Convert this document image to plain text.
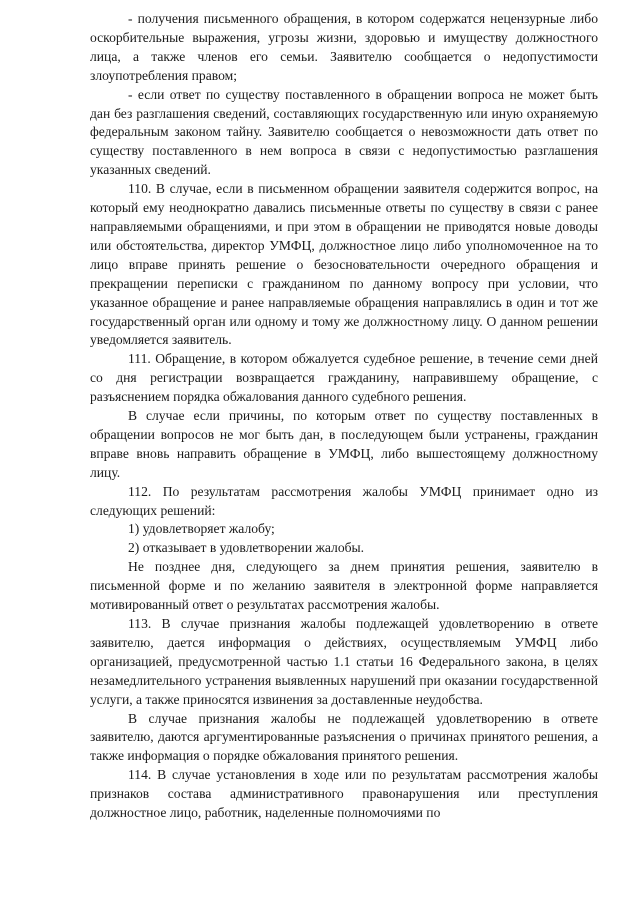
- получения письменного обращения, в котором содержатся нецензурные либо оскорбительные выражения, угрозы жизни, здоровью и имуществу должностного лица, а также членов его семьи. Заявителю сообщается о недопустимости злоупотребления правом;

- если ответ по существу поставленного в обращении вопроса не может быть дан без разглашения сведений, составляющих государственную или иную охраняемую федеральным законом тайну. Заявителю сообщается о невозможности дать ответ по существу поставленного в нем вопроса в связи с недопустимостью разглашения указанных сведений.

110. В случае, если в письменном обращении заявителя содержится вопрос, на который ему неоднократно давались письменные ответы по существу в связи с ранее направляемыми обращениями, и при этом в обращении не приводятся новые доводы или обстоятельства, директор УМФЦ, должностное лицо либо уполномоченное на то лицо вправе принять решение о безосновательности очередного обращения и прекращении переписки с гражданином по данному вопросу при условии, что указанное обращение и ранее направляемые обращения направлялись в один и тот же государственный орган или одному и тому же должностному лицу. О данном решении уведомляется заявитель.

111. Обращение, в котором обжалуется судебное решение, в течение семи дней со дня регистрации возвращается гражданину, направившему обращение, с разъяснением порядка обжалования данного судебного решения.

В случае если причины, по которым ответ по существу поставленных в обращении вопросов не мог быть дан, в последующем были устранены, гражданин вправе вновь направить обращение в УМФЦ, либо вышестоящему должностному лицу.

112. По результатам рассмотрения жалобы УМФЦ принимает одно из следующих решений:

1) удовлетворяет жалобу;

2) отказывает в удовлетворении жалобы.

Не позднее дня, следующего за днем принятия решения, заявителю в письменной форме и по желанию заявителя в электронной форме направляется мотивированный ответ о результатах рассмотрения жалобы.

113. В случае признания жалобы подлежащей удовлетворению в ответе заявителю, дается информация о действиях, осуществляемым УМФЦ либо организацией, предусмотренной частью 1.1 статьи 16 Федерального закона, в целях незамедлительного устранения выявленных нарушений при оказании государственной услуги, а также приносятся извинения за доставленные неудобства.

В случае признания жалобы не подлежащей удовлетворению в ответе заявителю, даются аргументированные разъяснения о причинах принятого решения, а также информация о порядке обжалования принятого решения.

114. В случае установления в ходе или по результатам рассмотрения жалобы признаков состава административного правонарушения или преступления должностное лицо, работник, наделенные полномочиями по
